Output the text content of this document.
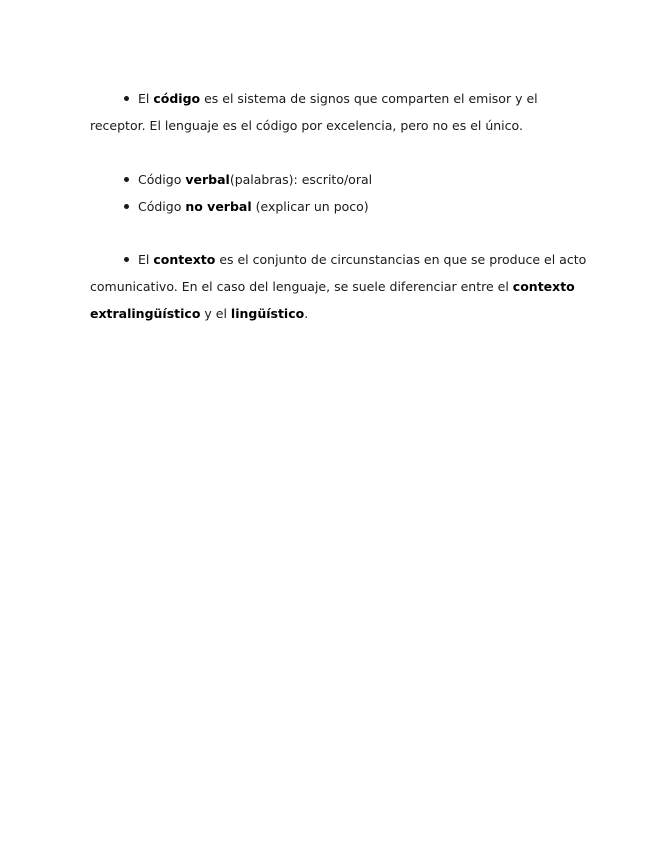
El código es el sistema de signos que comparten el emisor y el
receptor. El lenguaje es el código por excelencia, pero no es el único.
Código verbal(palabras): escrito/oral
Código no verbal (explicar un poco)
El contexto es el conjunto de circunstancias en que se produce el acto
comunicativo. En el caso del lenguaje, se suele diferenciar entre el contexto
extralingüístico y el lingüístico.
